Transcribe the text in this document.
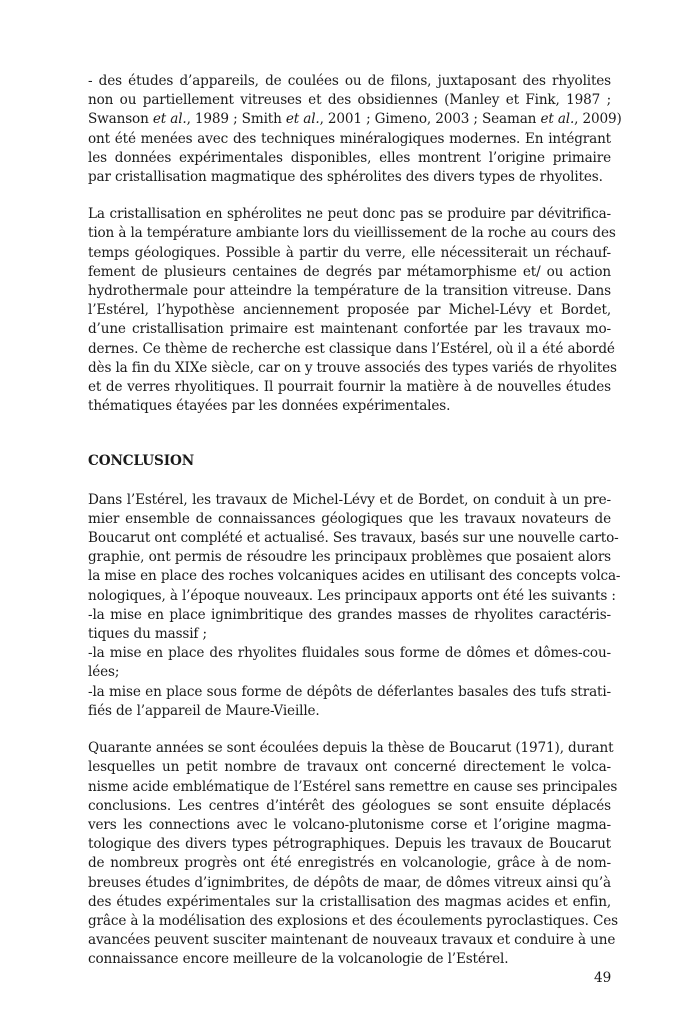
- des études d’appareils, de coulées ou de filons, juxtaposant des rhyolites
non ou partiellement vitreuses et des obsidiennes (Manley et Fink, 1987 ;
Swanson et al., 1989 ; Smith et al., 2001 ; Gimeno, 2003 ; Seaman et al., 2009)
ont été menées avec des techniques minéralogiques modernes. En intégrant
les données expérimentales disponibles, elles montrent l’origine primaire
par cristallisation magmatique des sphérolites des divers types de rhyolites.

La cristallisation en sphérolites ne peut donc pas se produire par dévitrifica-
tion à la température ambiante lors du vieillissement de la roche au cours des
temps géologiques. Possible à partir du verre, elle nécessiterait un réchauf-
fement de plusieurs centaines de degrés par métamorphisme et/ ou action
hydrothermale pour atteindre la température de la transition vitreuse. Dans
l’Estérel, l’hypothèse anciennement proposée par Michel-Lévy et Bordet,
d’une cristallisation primaire est maintenant confortée par les travaux mo-
dernes. Ce thème de recherche est classique dans l’Estérel, où il a été abordé
dès la fin du XIXe siècle, car on y trouve associés des types variés de rhyolites
et de verres rhyolitiques. Il pourrait fournir la matière à de nouvelles études
thématiques étayées par les données expérimentales.

CONCLUSION

Dans l’Estérel, les travaux de Michel-Lévy et de Bordet, on conduit à un pre-
mier ensemble de connaissances géologiques que les travaux novateurs de
Boucarut ont complété et actualisé. Ses travaux, basés sur une nouvelle carto-
graphie, ont permis de résoudre les principaux problèmes que posaient alors
la mise en place des roches volcaniques acides en utilisant des concepts volca-
nologiques, à l’époque nouveaux. Les principaux apports ont été les suivants :
-la mise en place ignimbritique des grandes masses de rhyolites caractéris-
tiques du massif ;
-la mise en place des rhyolites fluidales sous forme de dômes et dômes-cou-
lées;
-la mise en place sous forme de dépôts de déferlantes basales des tufs strati-
fiés de l’appareil de Maure-Vieille.

Quarante années se sont écoulées depuis la thèse de Boucarut (1971), durant
lesquelles un petit nombre de travaux ont concerné directement le volca-
nisme acide emblématique de l’Estérel sans remettre en cause ses principales
conclusions. Les centres d’intérêt des géologues se sont ensuite déplacés
vers les connections avec le volcano-plutonisme corse et l’origine magma-
tologique des divers types pétrographiques. Depuis les travaux de Boucarut
de nombreux progrès ont été enregistrés en volcanologie, grâce à de nom-
breuses études d’ignimbrites, de dépôts de maar, de dômes vitreux ainsi qu’à
des études expérimentales sur la cristallisation des magmas acides et enfin,
grâce à la modélisation des explosions et des écoulements pyroclastiques. Ces
avancées peuvent susciter maintenant de nouveaux travaux et conduire à une
connaissance encore meilleure de la volcanologie de l’Estérel.

49
